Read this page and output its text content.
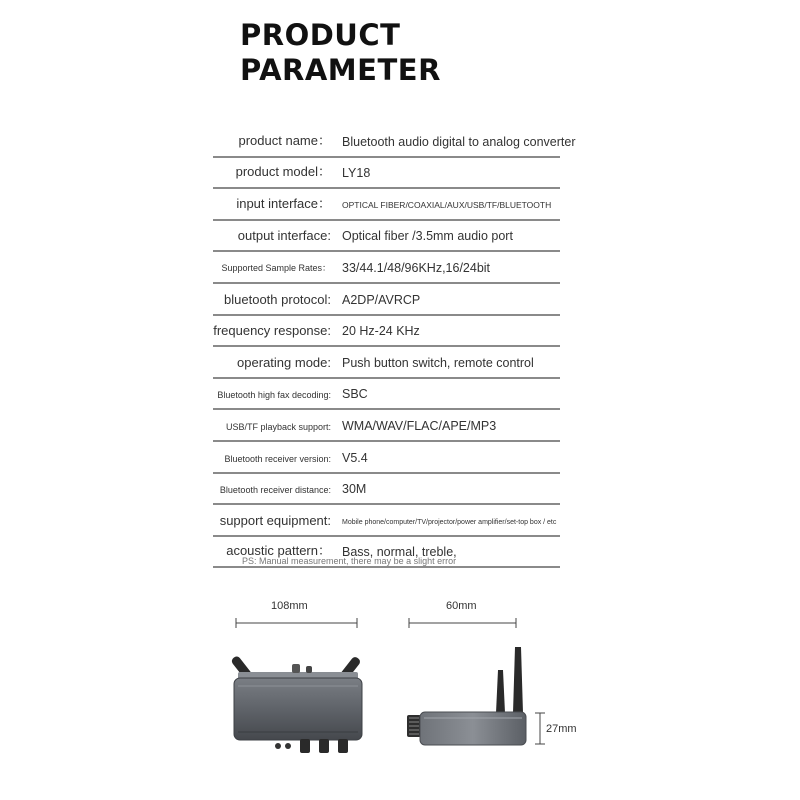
PRODUCT
PARAMETER
product name： Bluetooth audio digital to analog converter
product model： LY18
input interface： OPTICAL FIBER/COAXIAL/AUX/USB/TF/BLUETOOTH
output interface: Optical fiber /3.5mm audio port
Supported Sample Rates： 33/44.1/48/96KHz,16/24bit
bluetooth protocol: A2DP/AVRCP
frequency response: 20 Hz-24 KHz
operating mode: Push button switch, remote control
Bluetooth high fax decoding: SBC
USB/TF playback support: WMA/WAV/FLAC/APE/MP3
Bluetooth receiver version: V5.4
Bluetooth receiver distance: 30M
support equipment: Mobile phone/computer/TV/projector/power amplifier/set-top box / etc
acoustic pattern： Bass, normal, treble,
PS: Manual measurement, there may be a slight error
108mm	60mm
27mm
